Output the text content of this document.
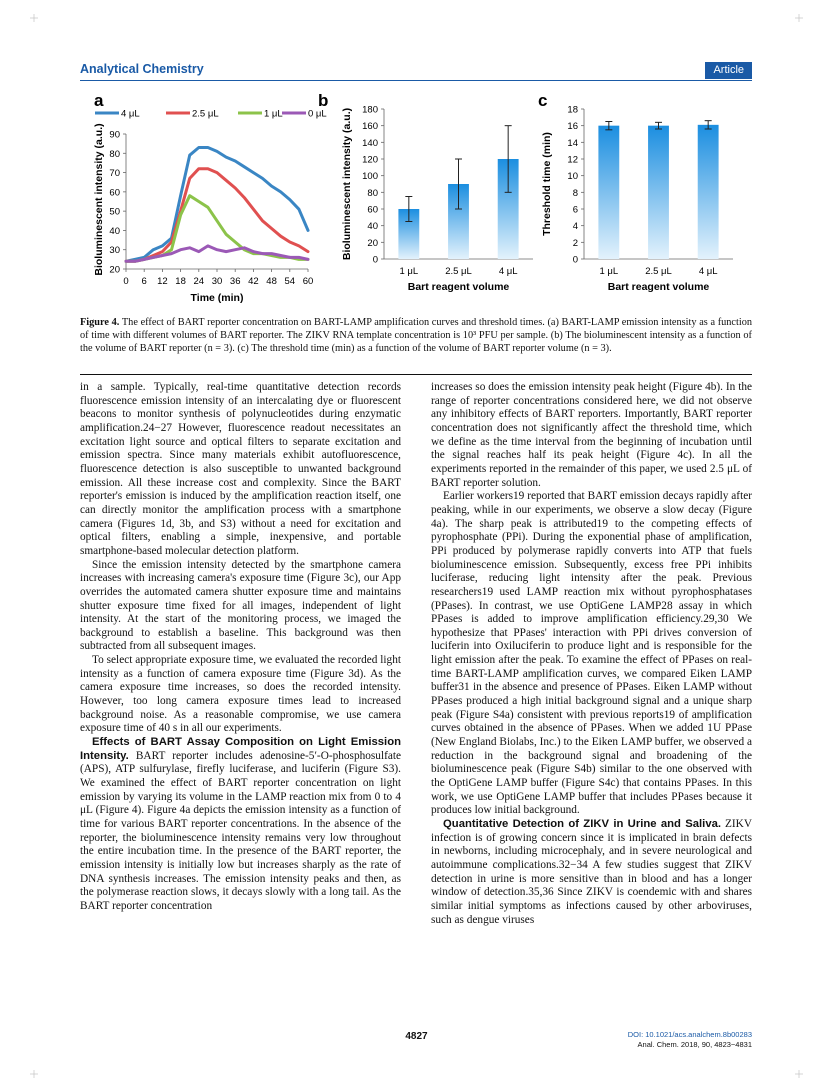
Analytical Chemistry	Article
a
20
30
40
50
60
70
80
90
0 6 12 18 24 30 36 42 48 54 60
Time (min)
Bioluminescent intensity (a.u.)
4 μL	2.5 μL	1 μL	0 μL
b
0
20
40
60
80
100
120
140
160
180
1 μL	2.5 μL	4 μL
Bart reagent volume
Bioluminescent intensity (a.u.)
c
0
2
4
6
8
10
12
14
16
18
1 μL	2.5 μL	4 μL
Bart reagent volume
Threshold time (min)
Figure 4. The effect of BART reporter concentration on BART-LAMP amplification curves and threshold times. (a) BART-LAMP emission intensity as a function of time with different volumes of BART reporter. The ZIKV RNA template concentration is 10³ PFU per sample. (b) The bioluminescent intensity as a function of the volume of BART reporter (n = 3). (c) The threshold time (min) as a function of the volume of BART reporter volume (n = 3).

in a sample. Typically, real-time quantitative detection records fluorescence emission intensity of an intercalating dye or fluorescent beacons to monitor synthesis of polynucleotides during enzymatic amplification.24−27 However, fluorescence readout necessitates an excitation light source and optical filters to separate excitation and emission spectra. Since many materials exhibit autofluorescence, fluorescence detection is also susceptible to unwanted background emission. All these increase cost and complexity. Since the BART reporter's emission is induced by the amplification reaction itself, one can directly monitor the amplification process with a smartphone camera (Figures 1d, 3b, and S3) without a need for excitation and optical filters, enabling a simple, inexpensive, and portable smartphone-based molecular detection platform.

Since the emission intensity detected by the smartphone camera increases with increasing camera's exposure time (Figure 3c), our App overrides the automated camera shutter exposure time and maintains shutter exposure time fixed for all images, independent of light intensity. At the start of the monitoring process, we imaged the background to establish a baseline. This background was then subtracted from all subsequent images.

To select appropriate exposure time, we evaluated the recorded light intensity as a function of camera exposure time (Figure 3d). As the camera exposure time increases, so does the recorded intensity. However, too long camera exposure times lead to increased background noise. As a reasonable compromise, we use camera exposure time of 40 s in all our experiments.

Effects of BART Assay Composition on Light Emission Intensity. BART reporter includes adenosine-5′-O-phosphosulfate (APS), ATP sulfurylase, firefly luciferase, and luciferin (Figure S3). We examined the effect of BART reporter concentration on light emission by varying its volume in the LAMP reaction mix from 0 to 4 μL (Figure 4). Figure 4a depicts the emission intensity as a function of time for various BART reporter concentrations. In the absence of the reporter, the bioluminescence intensity remains very low throughout the entire incubation time. In the presence of the BART reporter, the emission intensity is initially low but increases sharply as the rate of DNA synthesis increases. The emission intensity peaks and then, as the polymerase reaction slows, it decays slowly with a long tail. As the BART reporter concentration

increases so does the emission intensity peak height (Figure 4b). In the range of reporter concentrations considered here, we did not observe any inhibitory effects of BART reporters. Importantly, BART reporter concentration does not significantly affect the threshold time, which we define as the time interval from the beginning of incubation until the signal reaches half its peak height (Figure 4c). In all the experiments reported in the remainder of this paper, we used 2.5 μL of BART reporter solution.

Earlier workers19 reported that BART emission decays rapidly after peaking, while in our experiments, we observe a slow decay (Figure 4a). The sharp peak is attributed19 to the competing effects of pyrophosphate (PPi). During the exponential phase of amplification, PPi produced by polymerase rapidly converts into ATP that fuels bioluminescence emission. Subsequently, excess free PPi inhibits luciferase, reducing light intensity after the peak. Previous researchers19 used LAMP reaction mix without pyrophosphatases (PPases). In contrast, we use OptiGene LAMP28 assay in which PPases is added to improve amplification efficiency.29,30 We hypothesize that PPases' interaction with PPi drives conversion of luciferin into Oxiluciferin to produce light and is responsible for the light emission after the peak. To examine the effect of PPases on real-time BART-LAMP amplification curves, we compared Eiken LAMP buffer31 in the absence and presence of PPases. Eiken LAMP without PPases produced a high initial background signal and a unique sharp peak (Figure S4a) consistent with previous reports19 of amplification curves obtained in the absence of PPases. When we added 1U PPase (New England Biolabs, Inc.) to the Eiken LAMP buffer, we observed a reduction in the background signal and broadening of the bioluminescence peak (Figure S4b) similar to the one observed with the OptiGene LAMP buffer (Figure S4c) that contains PPases. In this work, we use OptiGene LAMP buffer that includes PPases because it produces low initial background.

Quantitative Detection of ZIKV in Urine and Saliva. ZIKV infection is of growing concern since it is implicated in brain defects in newborns, including microcephaly, and in severe neurological and autoimmune complications.32−34 A few studies suggest that ZIKV detection in urine is more sensitive than in blood and has a longer window of detection.35,36 Since ZIKV is coendemic with and shares similar initial symptoms as infections caused by other arboviruses, such as dengue viruses

4827	DOI: 10.1021/acs.analchem.8b00283
Anal. Chem. 2018, 90, 4823−4831
